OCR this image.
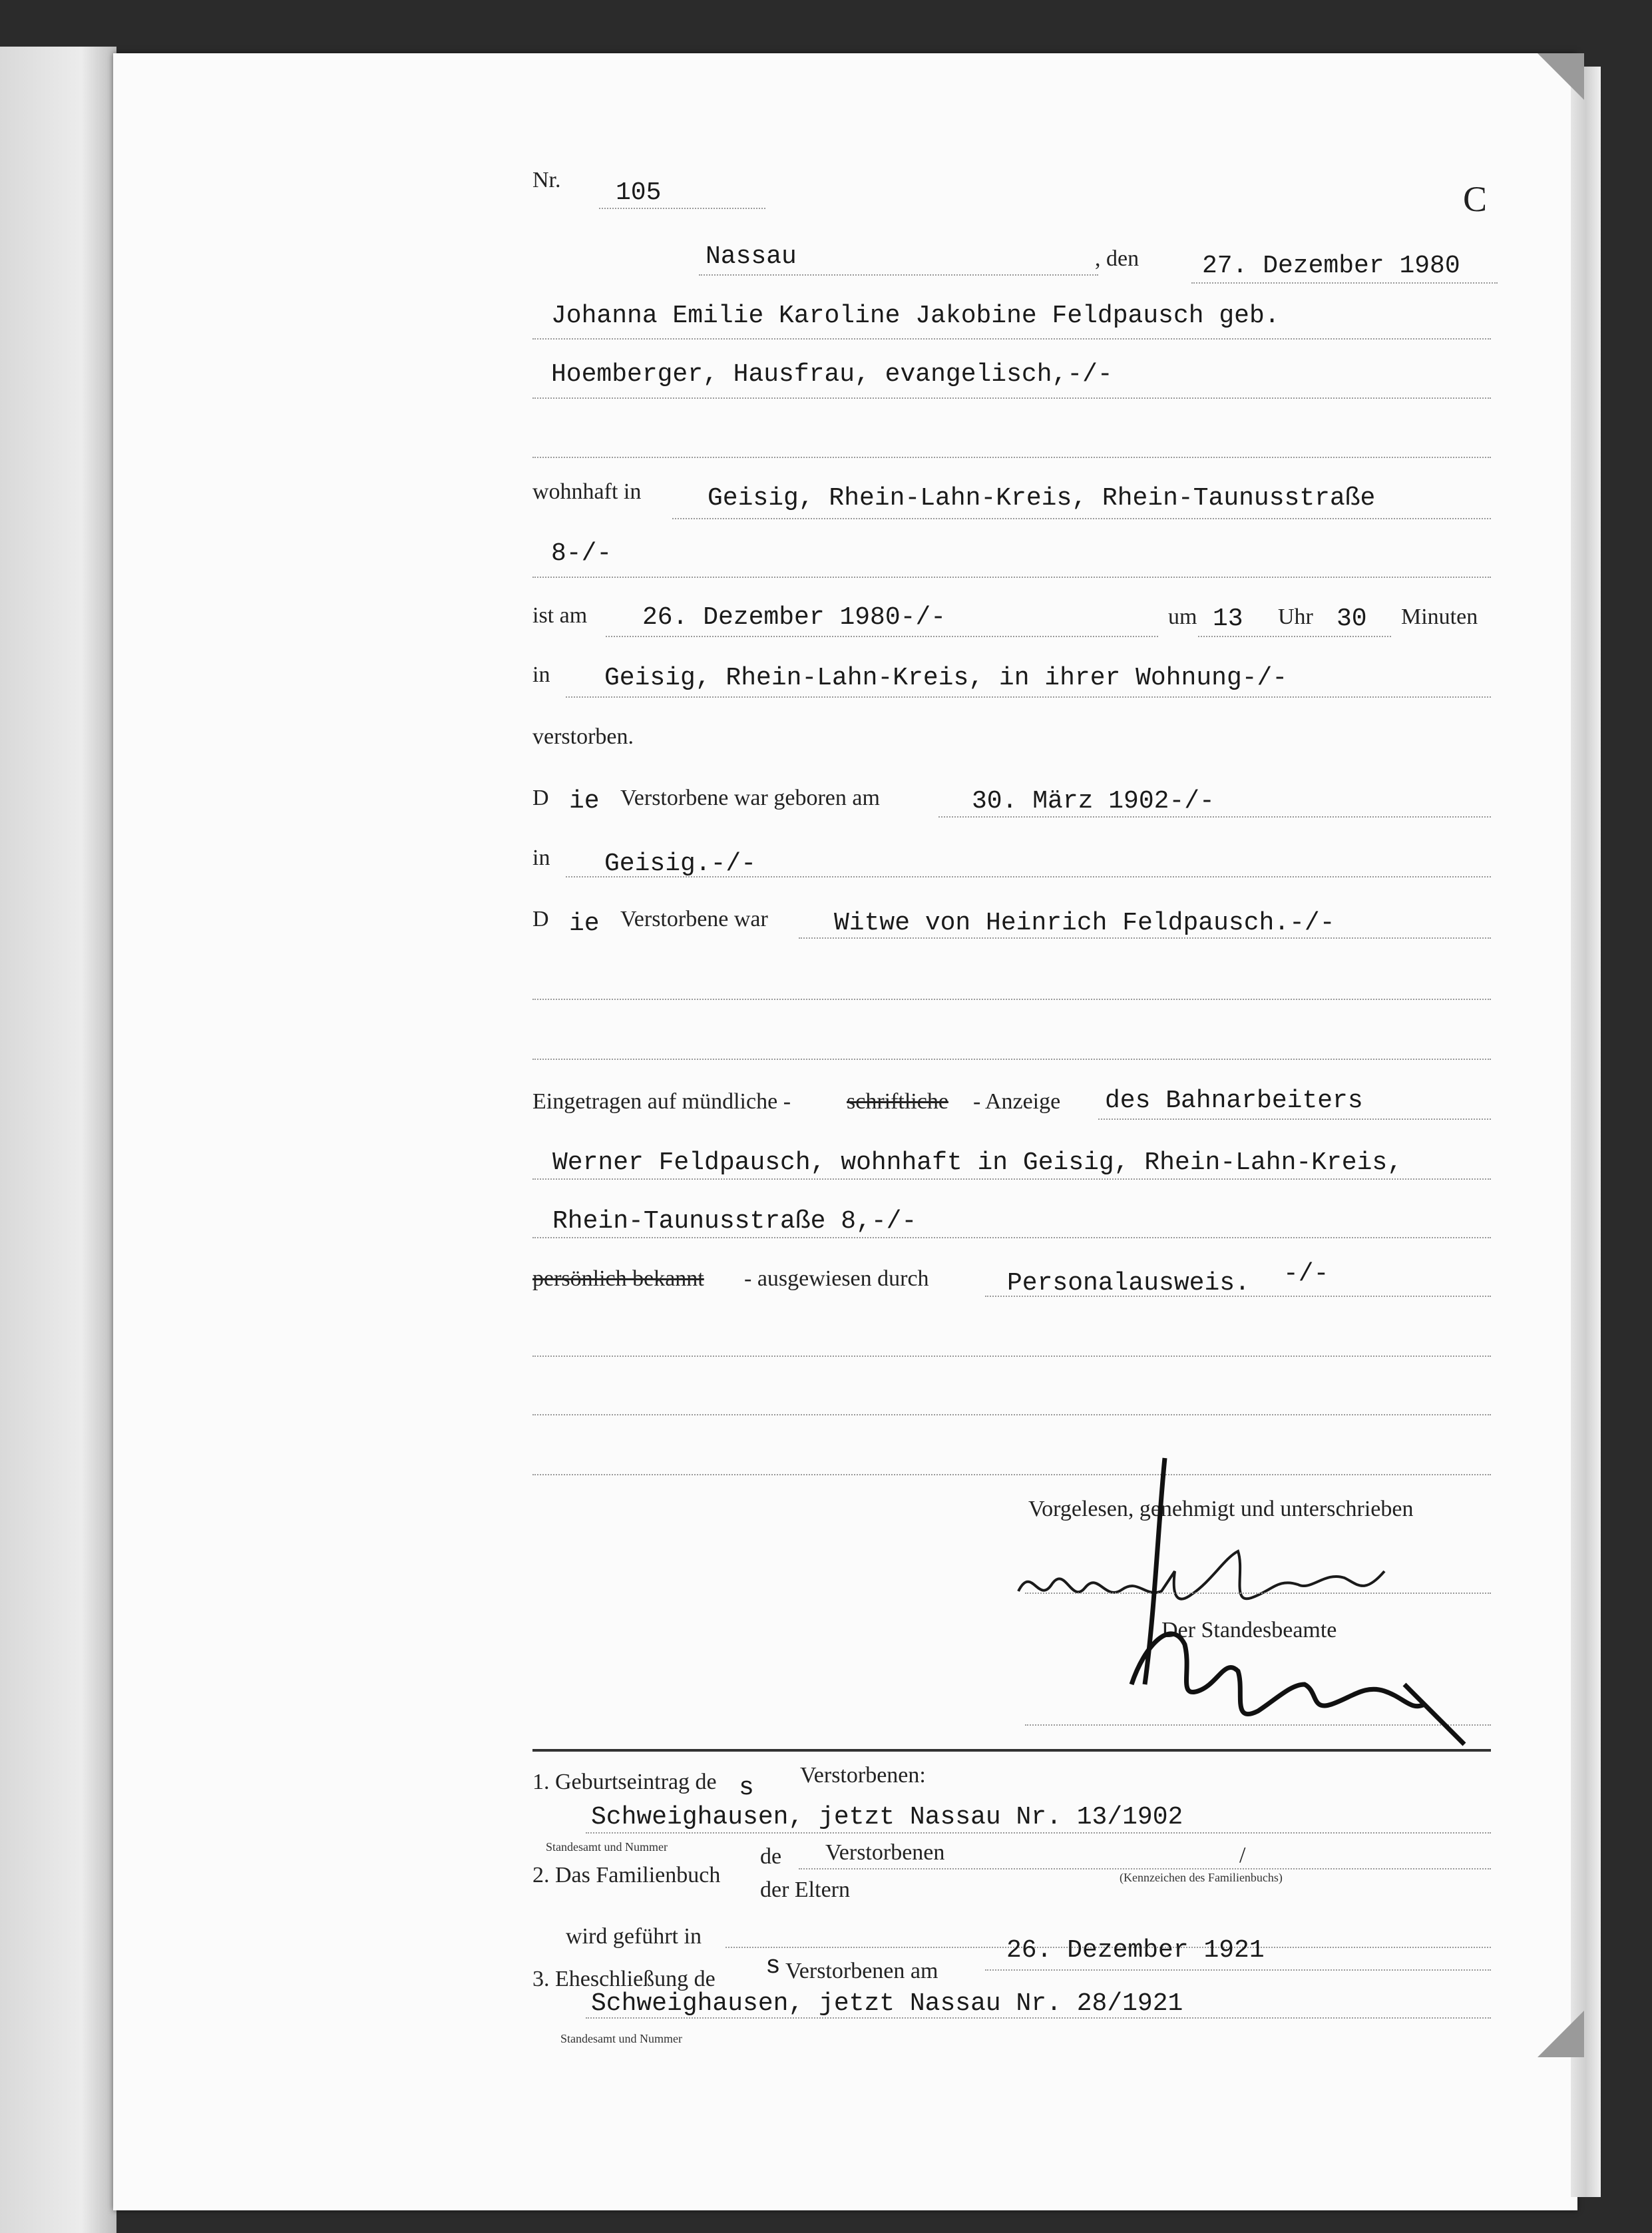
Nr. 105	C
Nassau	, den 27. Dezember 1980
Johanna Emilie Karoline Jakobine Feldpausch geb.
Hoemberger, Hausfrau, evangelisch,-/-
wohnhaft in	Geisig, Rhein-Lahn-Kreis, Rhein-Taunusstraße
8-/-
ist am 26. Dezember 1980-/-	um 13 Uhr 30 Minuten
in Geisig, Rhein-Lahn-Kreis, in ihrer Wohnung-/-
verstorben.
D ie Verstorbene war geboren am	30. März 1902-/-
in Geisig.-/-
D ie Verstorbene war	Witwe von Heinrich Feldpausch.-/-
Eingetragen auf mündliche - schriftliche - Anzeige des Bahnarbeiters
Werner Feldpausch, wohnhaft in Geisig, Rhein-Lahn-Kreis,
Rhein-Taunusstraße 8,-/-
persönlich bekannt - ausgewiesen durch	Personalausweis. -/-
Vorgelesen, genehmigt und unterschrieben
Der Standesbeamte
1. Geburtseintrag de s Verstorbenen:
Schweighausen, jetzt Nassau Nr. 13/1902
Standesamt und Nummer
2. Das Familienbuch
de Verstorbenen	/
der Eltern	(Kennzeichen des Familienbuchs)
wird geführt in
3. Eheschließung de s Verstorbenen am
26. Dezember 1921
Schweighausen, jetzt Nassau Nr. 28/1921
Standesamt und Nummer
